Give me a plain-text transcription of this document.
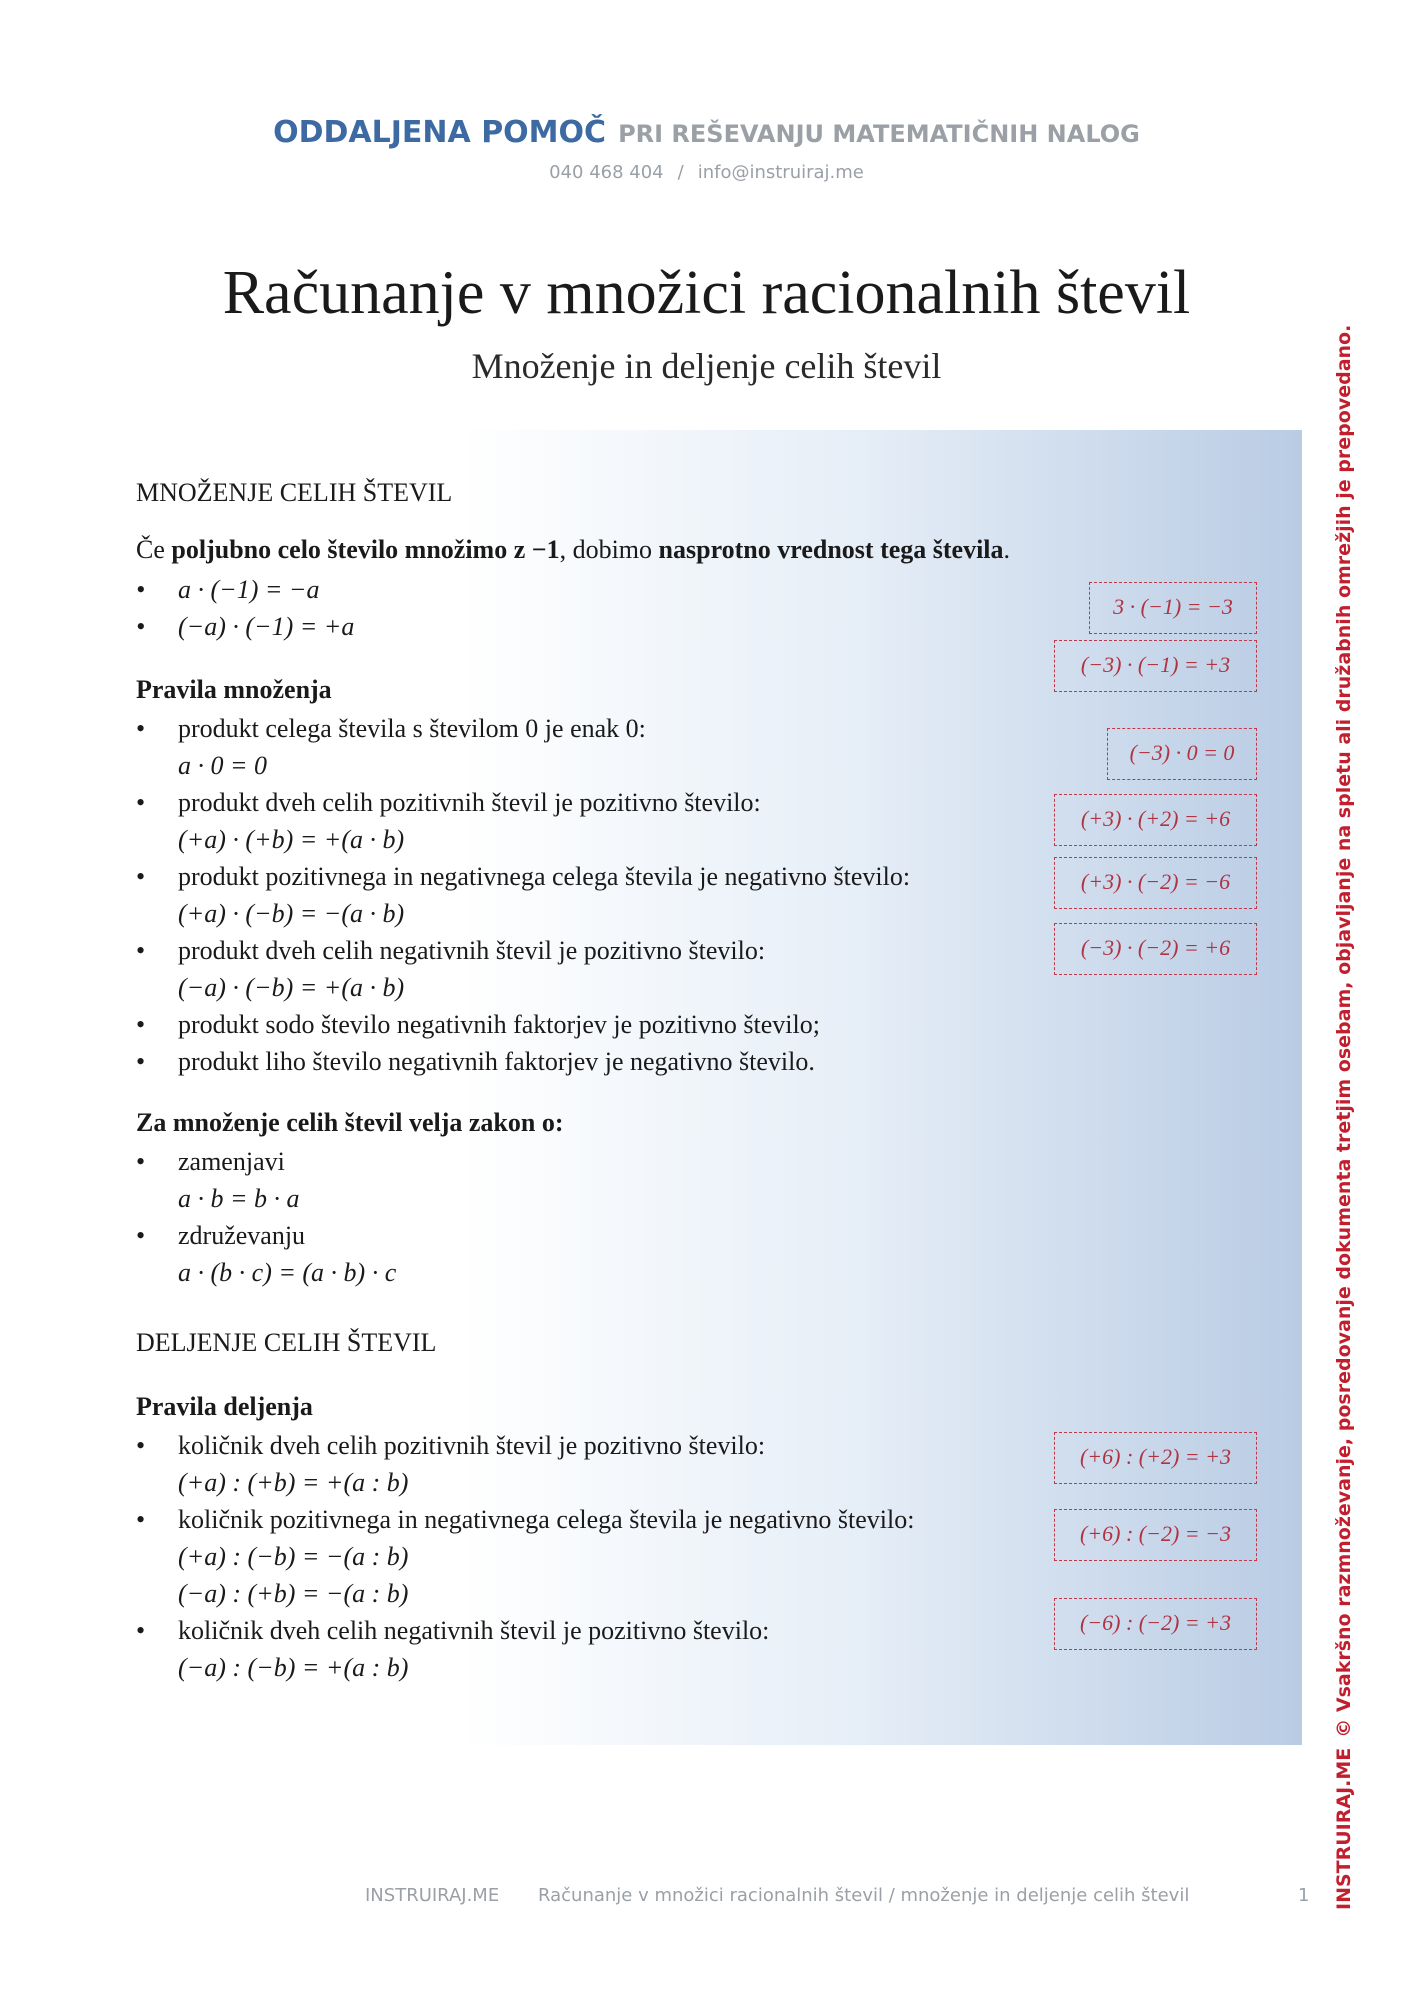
ODDALJENA POMOČ PRI REŠEVANJU MATEMATIČNIH NALOG
040 468 404 / info@instruiraj.me
Računanje v množici racionalnih števil
Množenje in deljenje celih števil
MNOŽENJE CELIH ŠTEVIL
Če poljubno celo število množimo z −1, dobimo nasprotno vrednost tega števila.
• a · (−1) = −a
• (−a) · (−1) = +a
Pravila množenja
• produkt celega števila s številom 0 je enak 0:
a · 0 = 0
• produkt dveh celih pozitivnih števil je pozitivno število:
(+a) · (+b) = +(a · b)
• produkt pozitivnega in negativnega celega števila je negativno število:
(+a) · (−b) = −(a · b)
• produkt dveh celih negativnih števil je pozitivno število:
(−a) · (−b) = +(a · b)
• produkt sodo število negativnih faktorjev je pozitivno število;
• produkt liho število negativnih faktorjev je negativno število.
Za množenje celih števil velja zakon o:
• zamenjavi
a · b = b · a
• združevanju
a · (b · c) = (a · b) · c
DELJENJE CELIH ŠTEVIL
Pravila deljenja
• količnik dveh celih pozitivnih števil je pozitivno število:
(+a) : (+b) = +(a : b)
• količnik pozitivnega in negativnega celega števila je negativno število:
(+a) : (−b) = −(a : b)
(−a) : (+b) = −(a : b)
• količnik dveh celih negativnih števil je pozitivno število:
(−a) : (−b) = +(a : b)
3 · (−1) = −3
(−3) · (−1) = +3
(−3) · 0 = 0
(+3) · (+2) = +6
(+3) · (−2) = −6
(−3) · (−2) = +6
(+6) : (+2) = +3
(+6) : (−2) = −3
(−6) : (−2) = +3
INSTRUIRAJ.ME© Vsakršno razmnoževanje, posredovanje dokumenta tretjim osebam, objavljanje na spletu ali družabnih omrežjih je prepovedano.
INSTRUIRAJ.ME Računanje v množici racionalnih števil / množenje in deljenje celih števil	1
